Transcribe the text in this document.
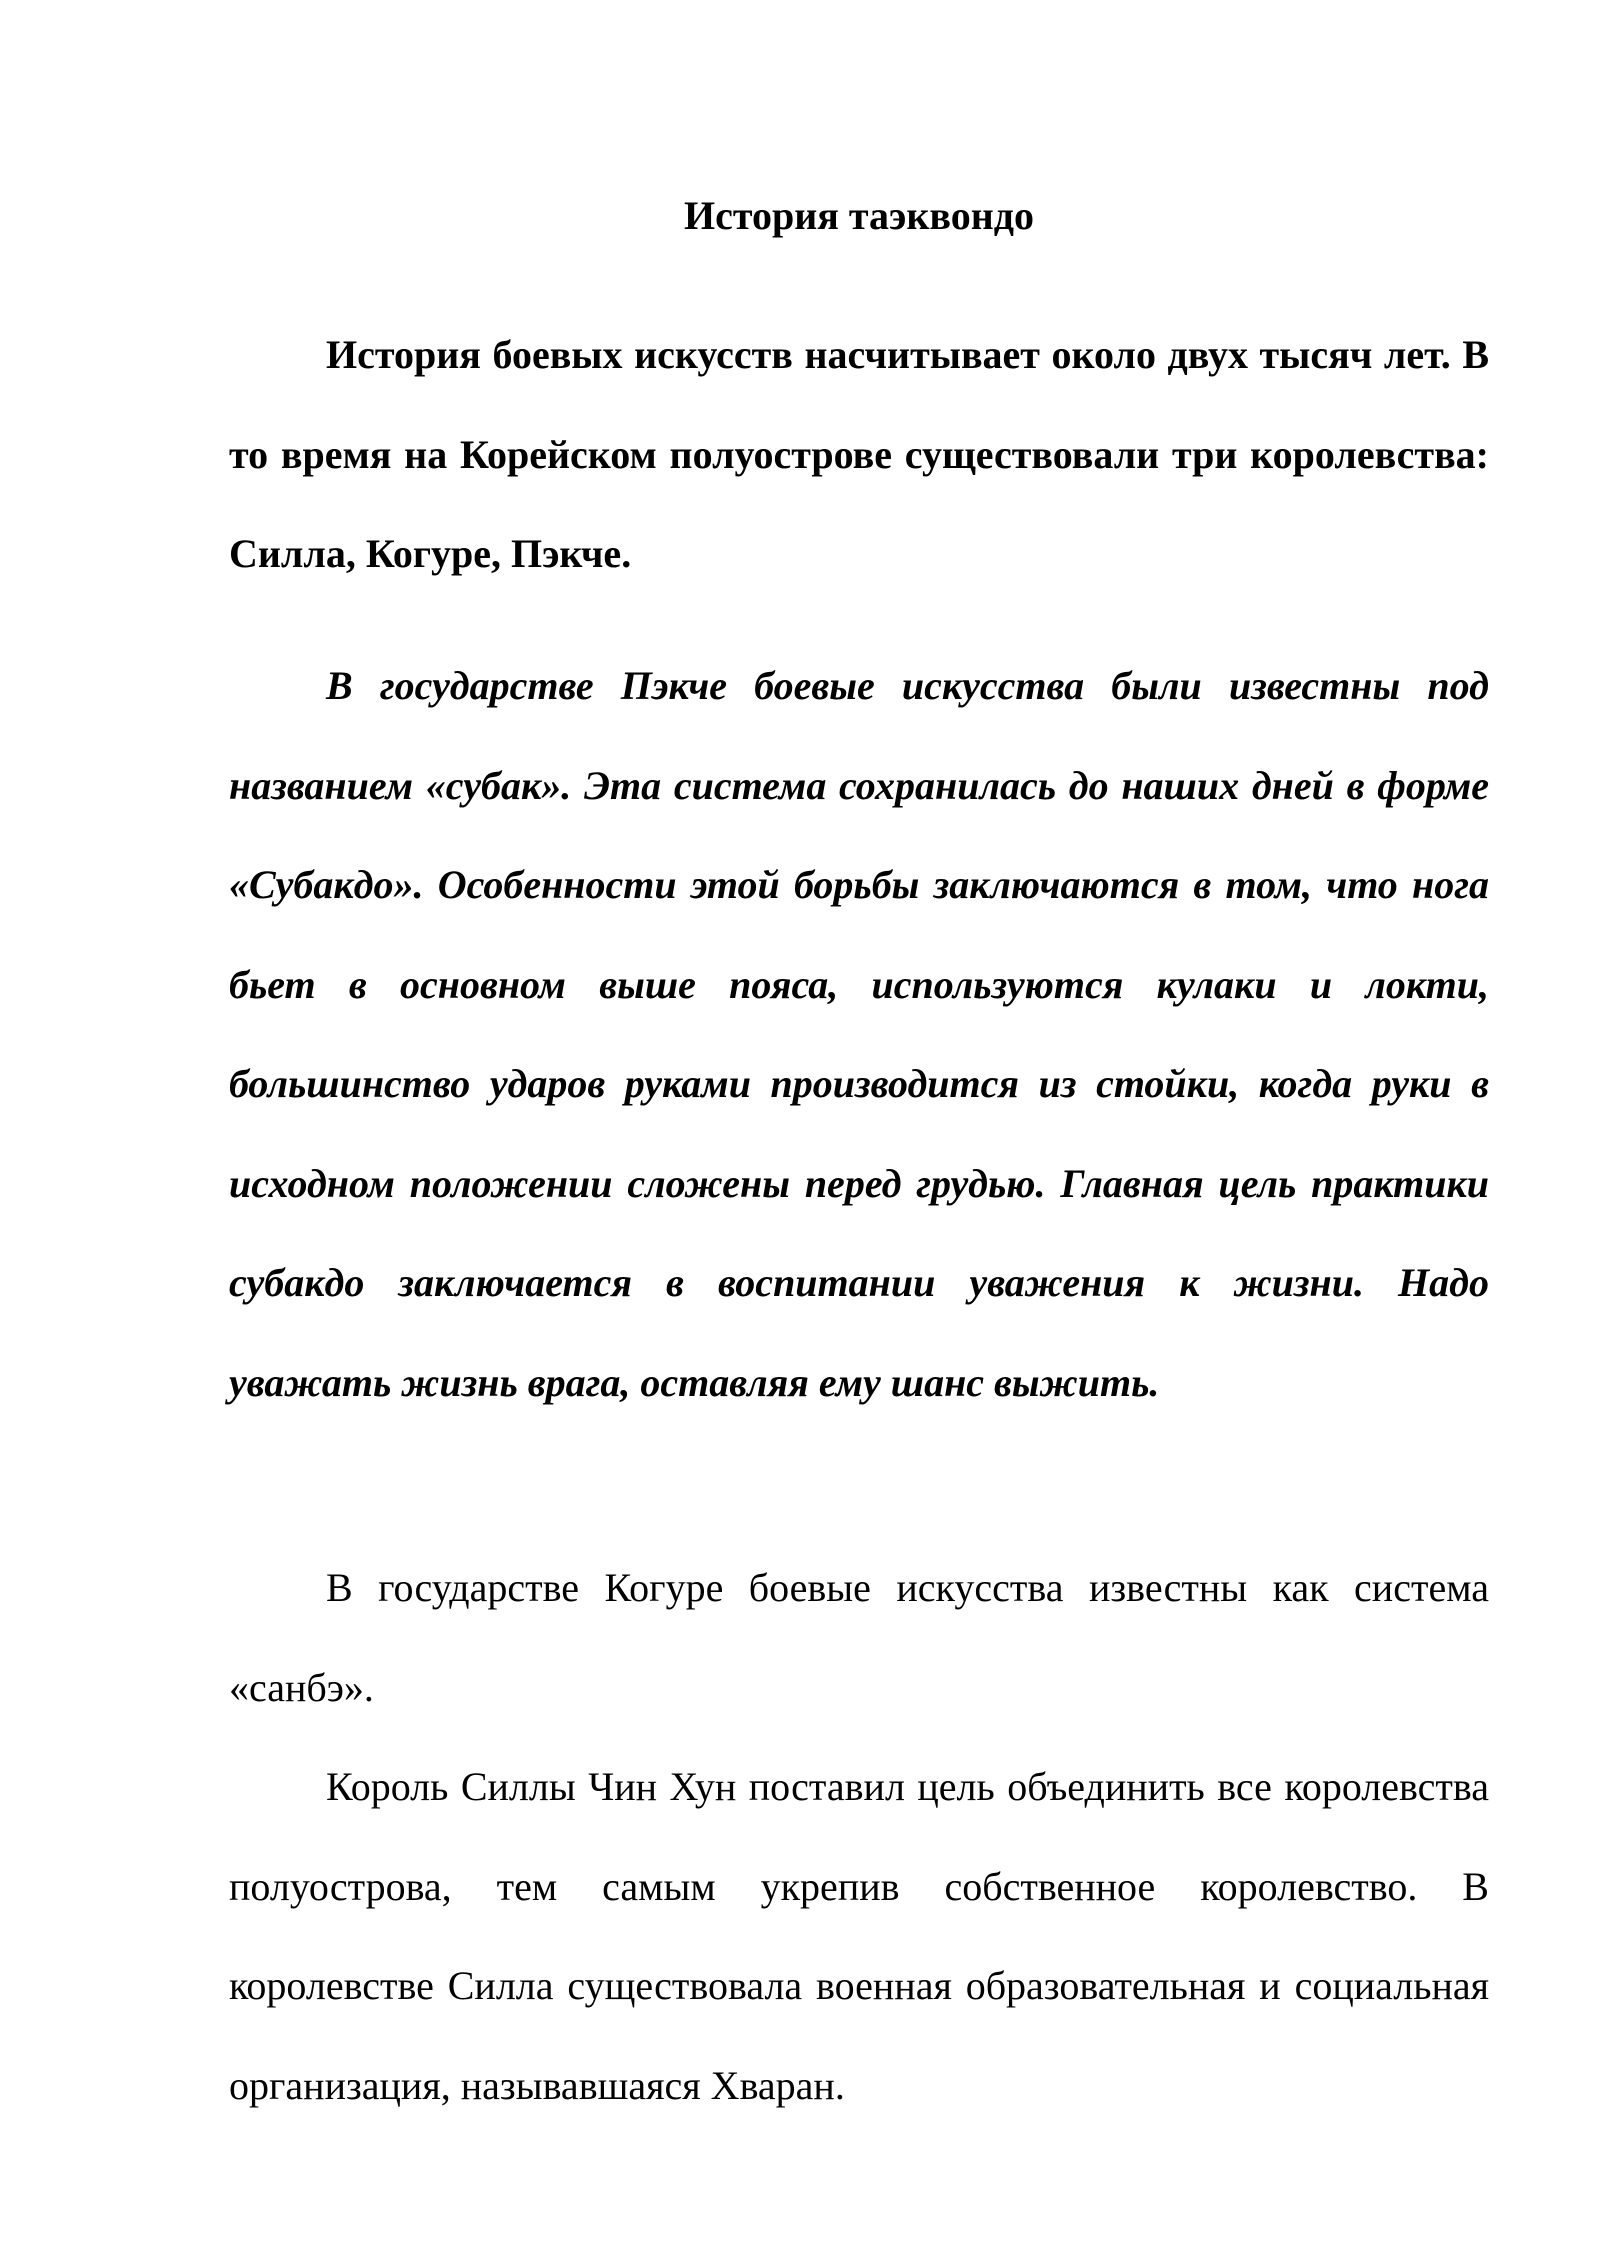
История таэквондо

История боевых искусств насчитывает около двух тысяч лет. В то время на Корейском полуострове существовали три королевства: Силла, Когуре, Пэкче.

В государстве Пэкче боевые искусства были известны под названием «субак». Эта система сохранилась до наших дней в форме «Субакдо». Особенности этой борьбы заключаются в том, что нога бьет в основном выше пояса, используются кулаки и локти, большинство ударов руками производится из стойки, когда руки в исходном положении сложены перед грудью. Главная цель практики субакдо заключается в воспитании уважения к жизни. Надо уважать жизнь врага, оставляя ему шанс выжить.

В государстве Когуре боевые искусства известны как система «санбэ».

Король Силлы Чин Хун поставил цель объединить все королевства полуострова, тем самым укрепив собственное королевство. В королевстве Силла существовала военная образовательная и социальная организация, называвшаяся Хваран.
